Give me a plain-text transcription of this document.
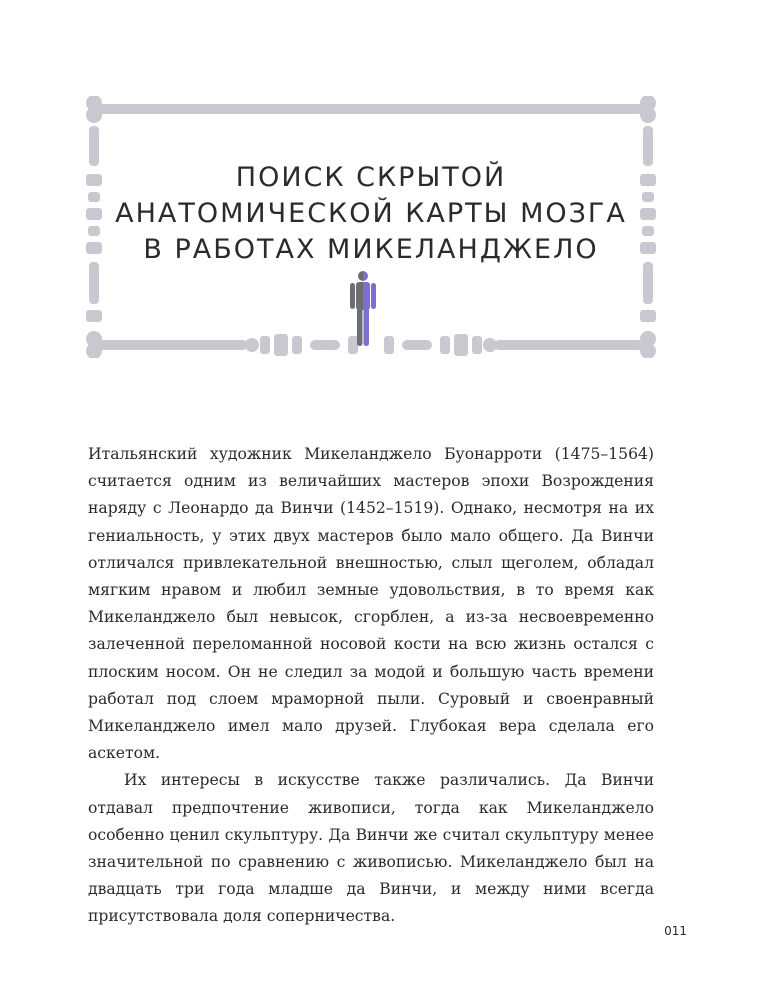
ПОИСК СКРЫТОЙ
АНАТОМИЧЕСКОЙ КАРТЫ МОЗГА
В РАБОТАХ МИКЕЛАНДЖЕЛО

Итальянский художник Микеланджело Буонарроти (1475–1564) считается одним из величайших мастеров эпохи Возрождения наряду с Леонардо да Винчи (1452–1519). Однако, несмотря на их гениальность, у этих двух мастеров было мало общего. Да Винчи отличался привлекательной внешностью, слыл щеголем, обладал мягким нравом и любил земные удовольствия, в то время как Микеланджело был невысок, сгорблен, а из-за несвоевременно залеченной переломанной носовой кости на всю жизнь остался с плоским носом. Он не следил за модой и большую часть времени работал под слоем мраморной пыли. Суровый и своенравный Микеланджело имел мало друзей. Глубокая вера сделала его аскетом.

Их интересы в искусстве также различались. Да Винчи отдавал предпочтение живописи, тогда как Микеланджело особенно ценил скульптуру. Да Винчи же считал скульптуру менее значительной по сравнению с живописью. Микеланджело был на двадцать три года младше да Винчи, и между ними всегда присутствовала доля соперничества.

011
